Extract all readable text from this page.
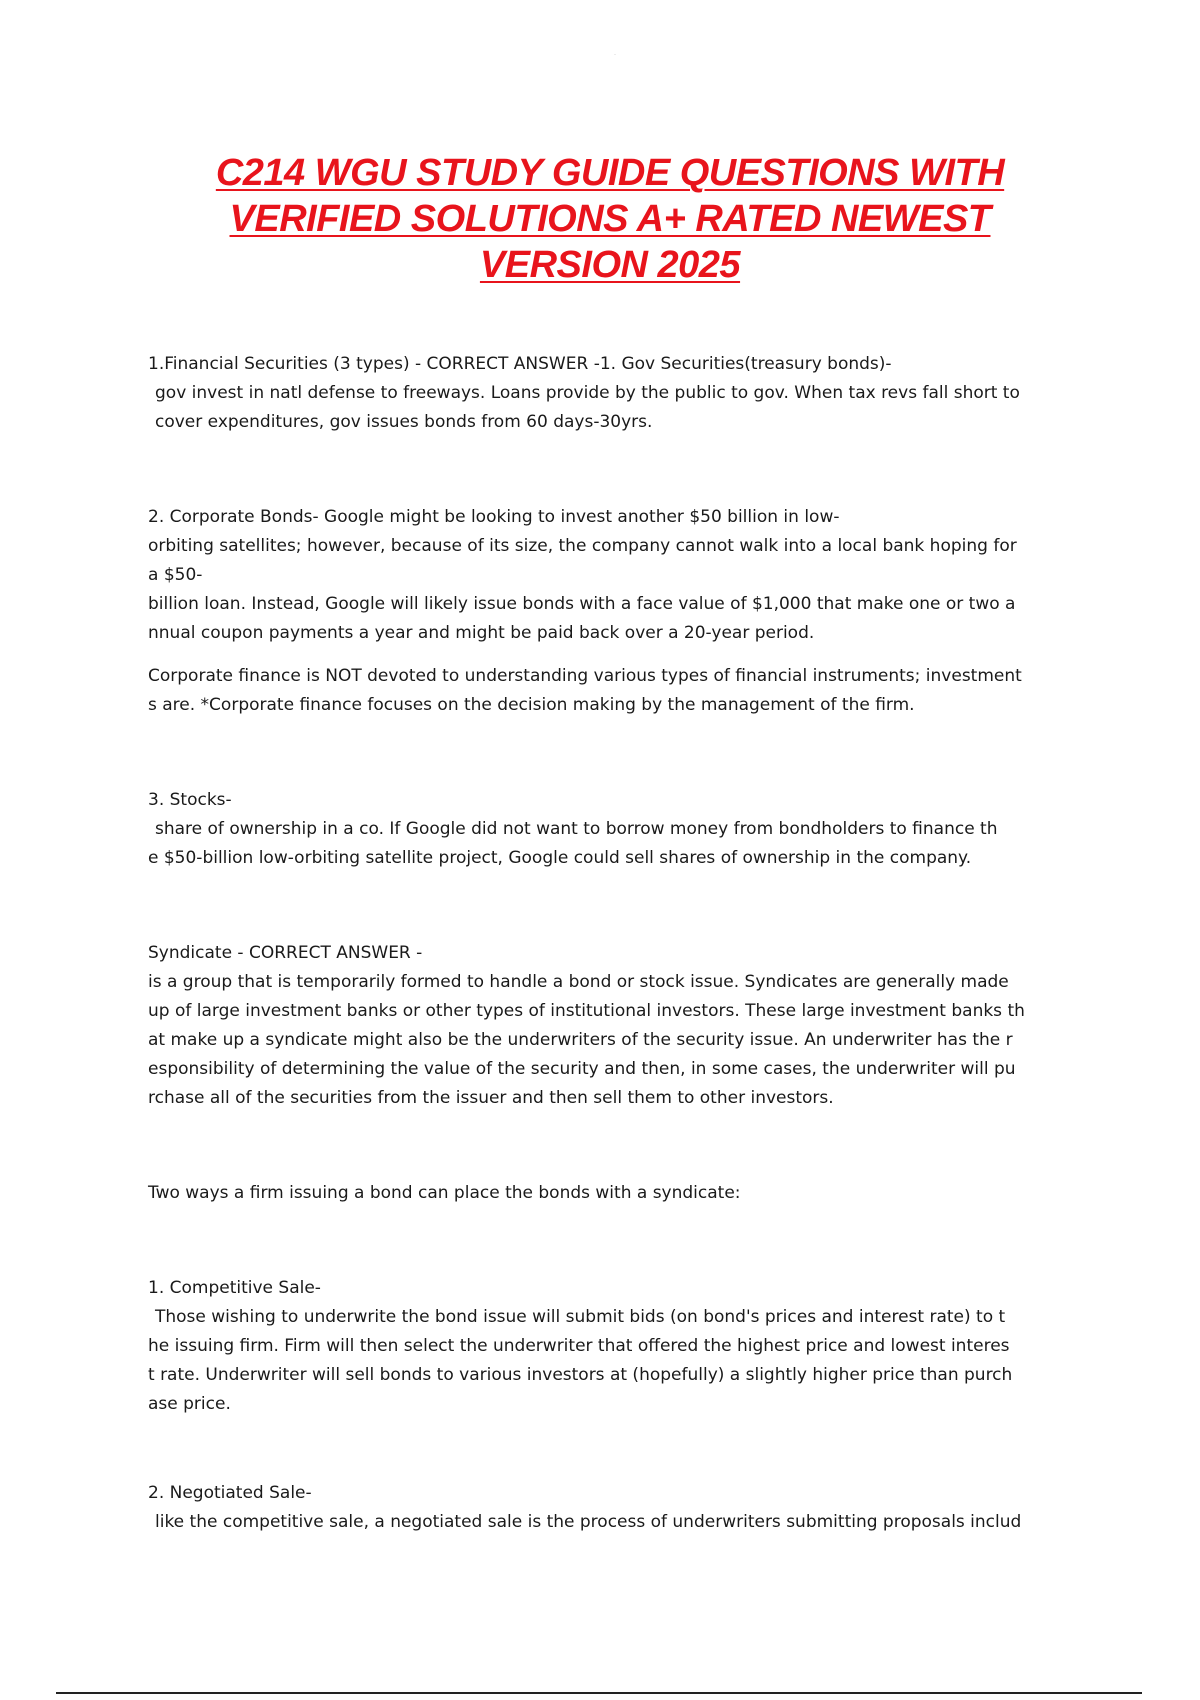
·
C214 WGU STUDY GUIDE QUESTIONS WITH
VERIFIED SOLUTIONS A+ RATED NEWEST
VERSION 2025

1.Financial Securities (3 types) - CORRECT ANSWER -1. Gov Securities(treasury bonds)-

gov invest in natl defense to freeways. Loans provide by the public to gov. When tax revs fall short to

cover expenditures, gov issues bonds from 60 days-30yrs.

2. Corporate Bonds- Google might be looking to invest another $50 billion in low-

orbiting satellites; however, because of its size, the company cannot walk into a local bank hoping for

a $50-

billion loan. Instead, Google will likely issue bonds with a face value of $1,000 that make one or two a

nnual coupon payments a year and might be paid back over a 20-year period.

Corporate finance is NOT devoted to understanding various types of financial instruments; investment

s are. *Corporate finance focuses on the decision making by the management of the firm.

3. Stocks-

share of ownership in a co. If Google did not want to borrow money from bondholders to finance th

e $50-billion low-orbiting satellite project, Google could sell shares of ownership in the company.

Syndicate - CORRECT ANSWER -

is a group that is temporarily formed to handle a bond or stock issue. Syndicates are generally made

up of large investment banks or other types of institutional investors. These large investment banks th

at make up a syndicate might also be the underwriters of the security issue. An underwriter has the r

esponsibility of determining the value of the security and then, in some cases, the underwriter will pu

rchase all of the securities from the issuer and then sell them to other investors.

Two ways a firm issuing a bond can place the bonds with a syndicate:

1. Competitive Sale-

Those wishing to underwrite the bond issue will submit bids (on bond's prices and interest rate) to t

he issuing firm. Firm will then select the underwriter that offered the highest price and lowest interes

t rate. Underwriter will sell bonds to various investors at (hopefully) a slightly higher price than purch

ase price.

2. Negotiated Sale-

like the competitive sale, a negotiated sale is the process of underwriters submitting proposals includ
